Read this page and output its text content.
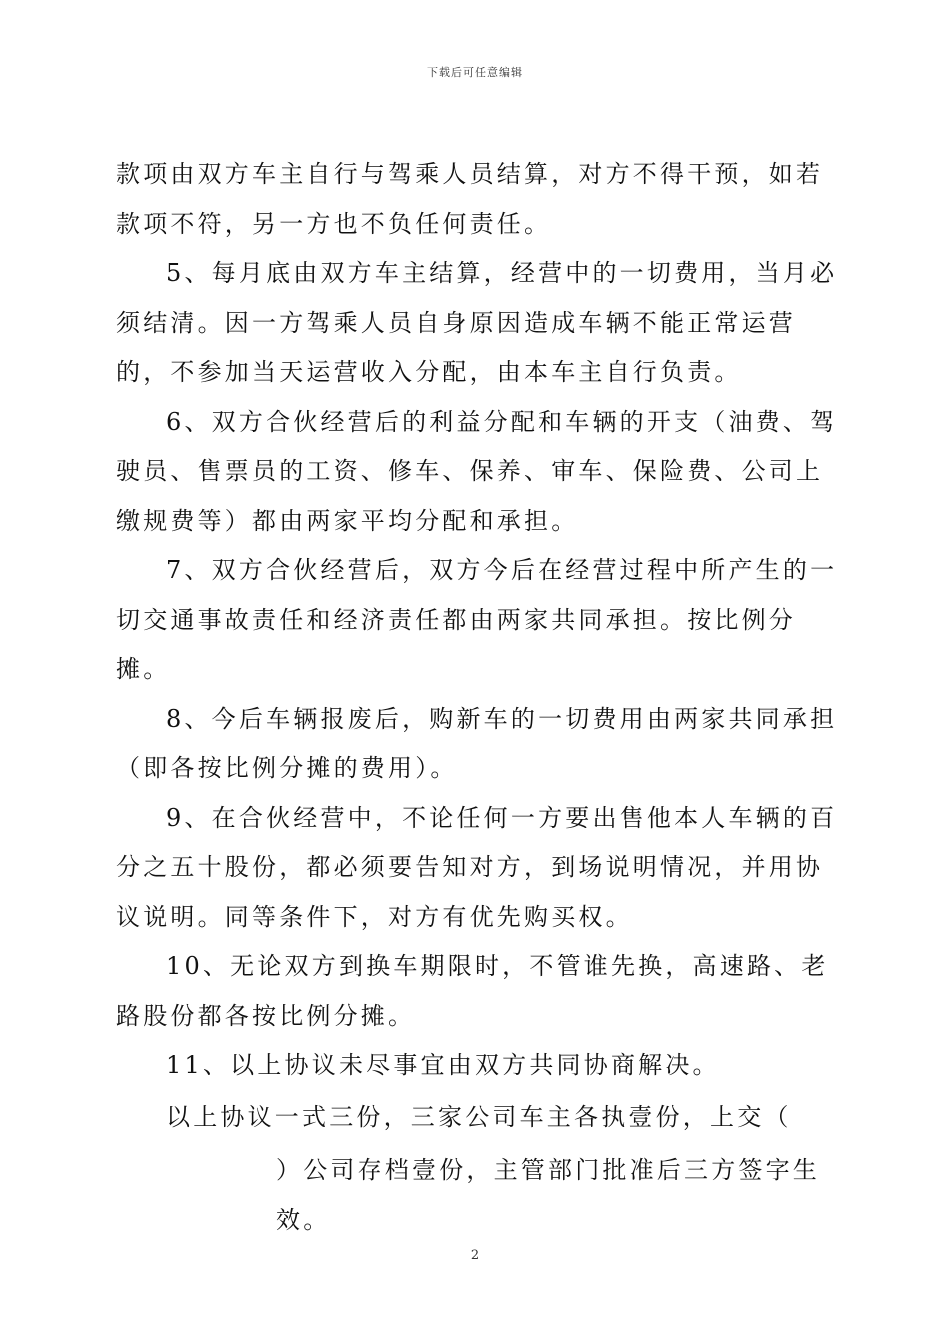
下载后可任意编辑

款项由双方车主自行与驾乘人员结算，对方不得干预，如若款项不符，另一方也不负任何责任。

5、每月底由双方车主结算，经营中的一切费用，当月必须结清。因一方驾乘人员自身原因造成车辆不能正常运营的，不参加当天运营收入分配，由本车主自行负责。

6、双方合伙经营后的利益分配和车辆的开支（油费、驾驶员、售票员的工资、修车、保养、审车、保险费、公司上缴规费等）都由两家平均分配和承担。

7、双方合伙经营后，双方今后在经营过程中所产生的一切交通事故责任和经济责任都由两家共同承担。按比例分摊。

8、今后车辆报废后，购新车的一切费用由两家共同承担（即各按比例分摊的费用）。

9、在合伙经营中，不论任何一方要出售他本人车辆的百分之五十股份，都必须要告知对方，到场说明情况，并用协议说明。同等条件下，对方有优先购买权。

10、无论双方到换车期限时，不管谁先换，高速路、老路股份都各按比例分摊。

11、以上协议未尽事宜由双方共同协商解决。

以上协议一式三份，三家公司车主各执壹份，上交（

）公司存档壹份，主管部门批准后三方签字生效。

2
